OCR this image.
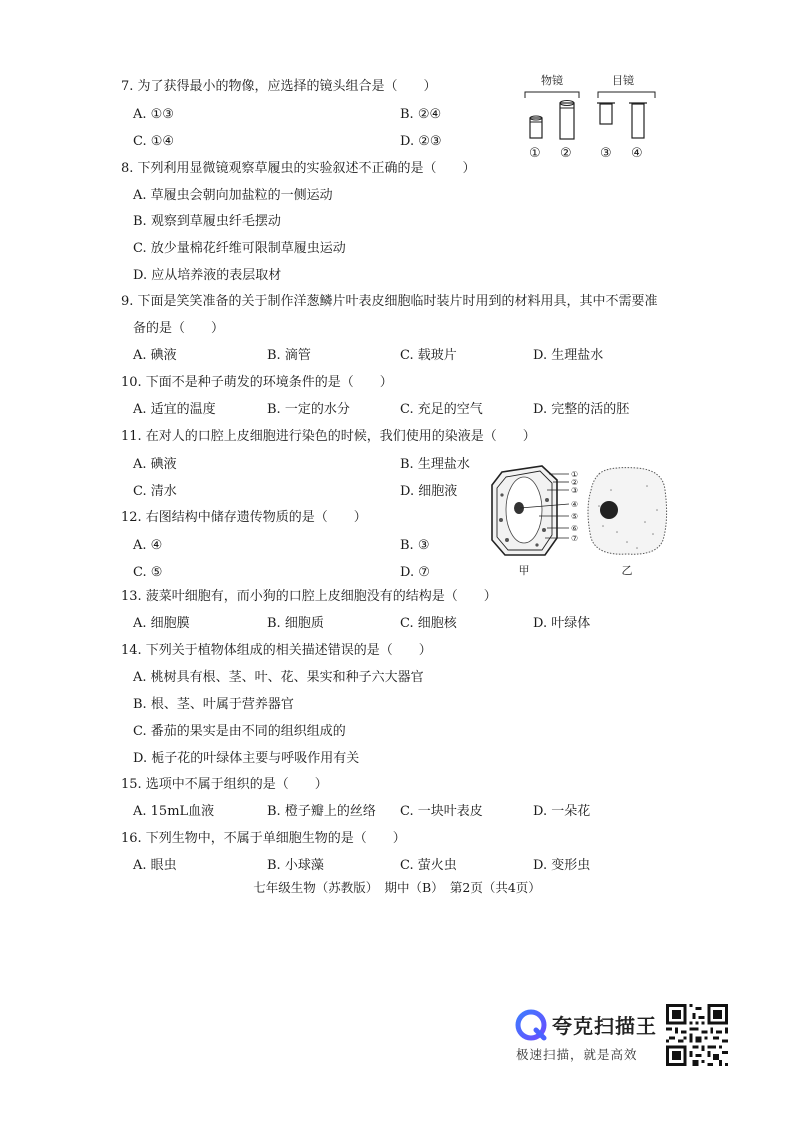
7. 为了获得最小的物像，应选择的镜头组合是（　　）
A. ①③	B. ②④
C. ①④	D. ②③
物镜	目镜
① ② ③ ④
8. 下列利用显微镜观察草履虫的实验叙述不正确的是（　　）
A. 草履虫会朝向加盐粒的一侧运动
B. 观察到草履虫纤毛摆动
C. 放少量棉花纤维可限制草履虫运动
D. 应从培养液的表层取材
9. 下面是笑笑准备的关于制作洋葱鳞片叶表皮细胞临时装片时用到的材料用具，其中不需要准
备的是（　　）
A. 碘液	B. 滴管	C. 载玻片	D. 生理盐水
10. 下面不是种子萌发的环境条件的是（　　）
A. 适宜的温度	B. 一定的水分	C. 充足的空气	D. 完整的活的胚
11. 在对人的口腔上皮细胞进行染色的时候，我们使用的染液是（　　）
A. 碘液	B. 生理盐水
C. 清水	D. 细胞液
12. 右图结构中储存遗传物质的是（　　）
A. ④	B. ③
C. ⑤	D. ⑦
①
②
③
④
⑤
⑥
⑦
甲	乙
13. 菠菜叶细胞有，而小狗的口腔上皮细胞没有的结构是（　　）
A. 细胞膜	B. 细胞质	C. 细胞核	D. 叶绿体
14. 下列关于植物体组成的相关描述错误的是（　　）
A. 桃树具有根、茎、叶、花、果实和种子六大器官
B. 根、茎、叶属于营养器官
C. 番茄的果实是由不同的组织组成的
D. 栀子花的叶绿体主要与呼吸作用有关
15. 选项中不属于组织的是（　　）
A. 15mL血液	B. 橙子瓣上的丝络 C. 一块叶表皮	D. 一朵花
16. 下列生物中，不属于单细胞生物的是（　　）
A. 眼虫	B. 小球藻	C. 萤火虫	D. 变形虫
七年级生物（苏教版）　期中（B）　第2页（共4页）
夸克扫描王
极速扫描，就是高效
